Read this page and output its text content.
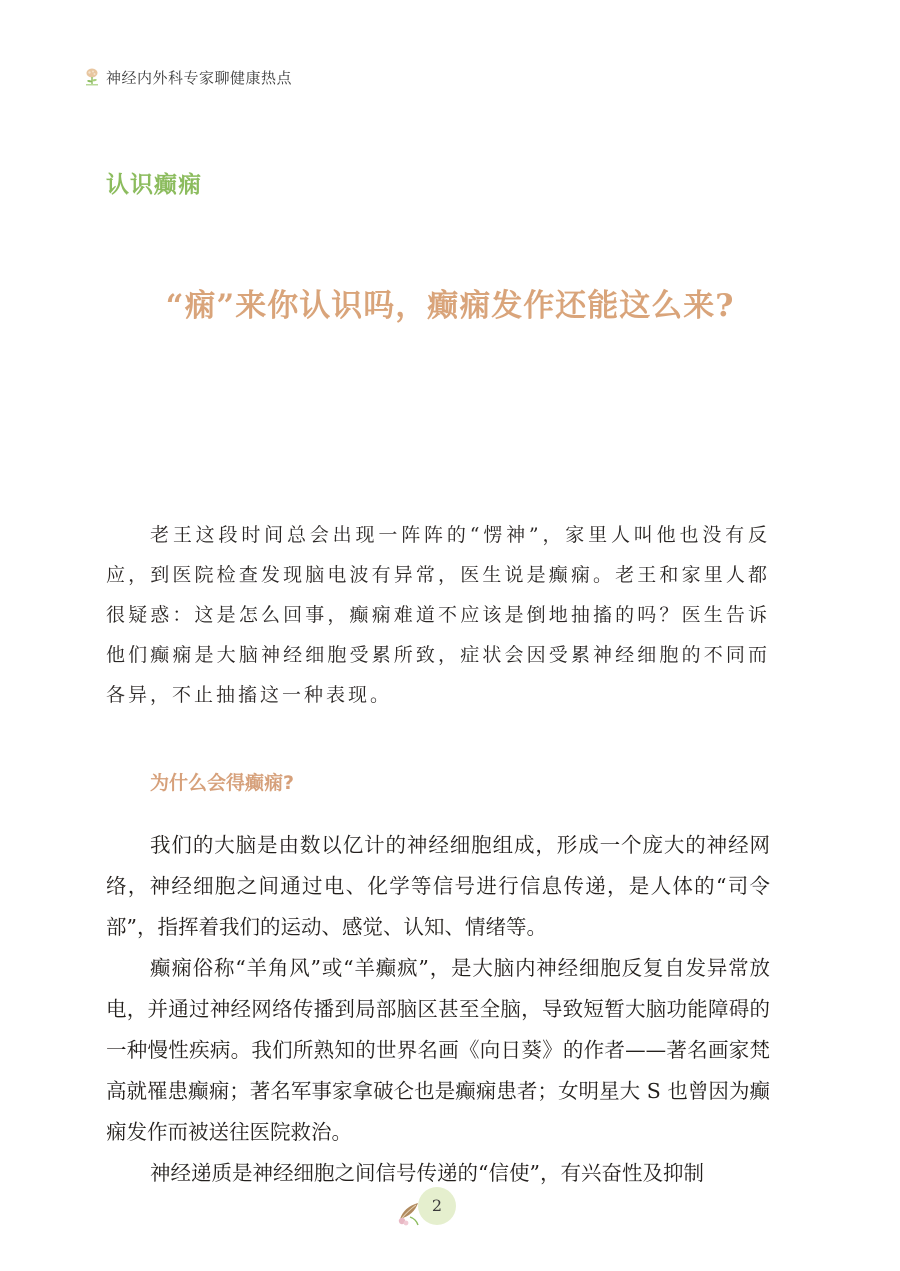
神经内外科专家聊健康热点
认识癫痫
“痫”来你认识吗，癫痫发作还能这么来?

老王这段时间总会出现一阵阵的“愣神”，家里人叫他也没有反应，到医院检查发现脑电波有异常，医生说是癫痫。老王和家里人都很疑惑：这是怎么回事，癫痫难道不应该是倒地抽搐的吗？医生告诉他们癫痫是大脑神经细胞受累所致，症状会因受累神经细胞的不同而各异，不止抽搐这一种表现。

为什么会得癫痫?

我们的大脑是由数以亿计的神经细胞组成，形成一个庞大的神经网络，神经细胞之间通过电、化学等信号进行信息传递，是人体的“司令部”，指挥着我们的运动、感觉、认知、情绪等。

癫痫俗称“羊角风”或“羊癫疯”，是大脑内神经细胞反复自发异常放电，并通过神经网络传播到局部脑区甚至全脑，导致短暂大脑功能障碍的一种慢性疾病。我们所熟知的世界名画《向日葵》的作者——著名画家梵高就罹患癫痫；著名军事家拿破仑也是癫痫患者；女明星大 S 也曾因为癫痫发作而被送往医院救治。

神经递质是神经细胞之间信号传递的“信使”，有兴奋性及抑制

2
